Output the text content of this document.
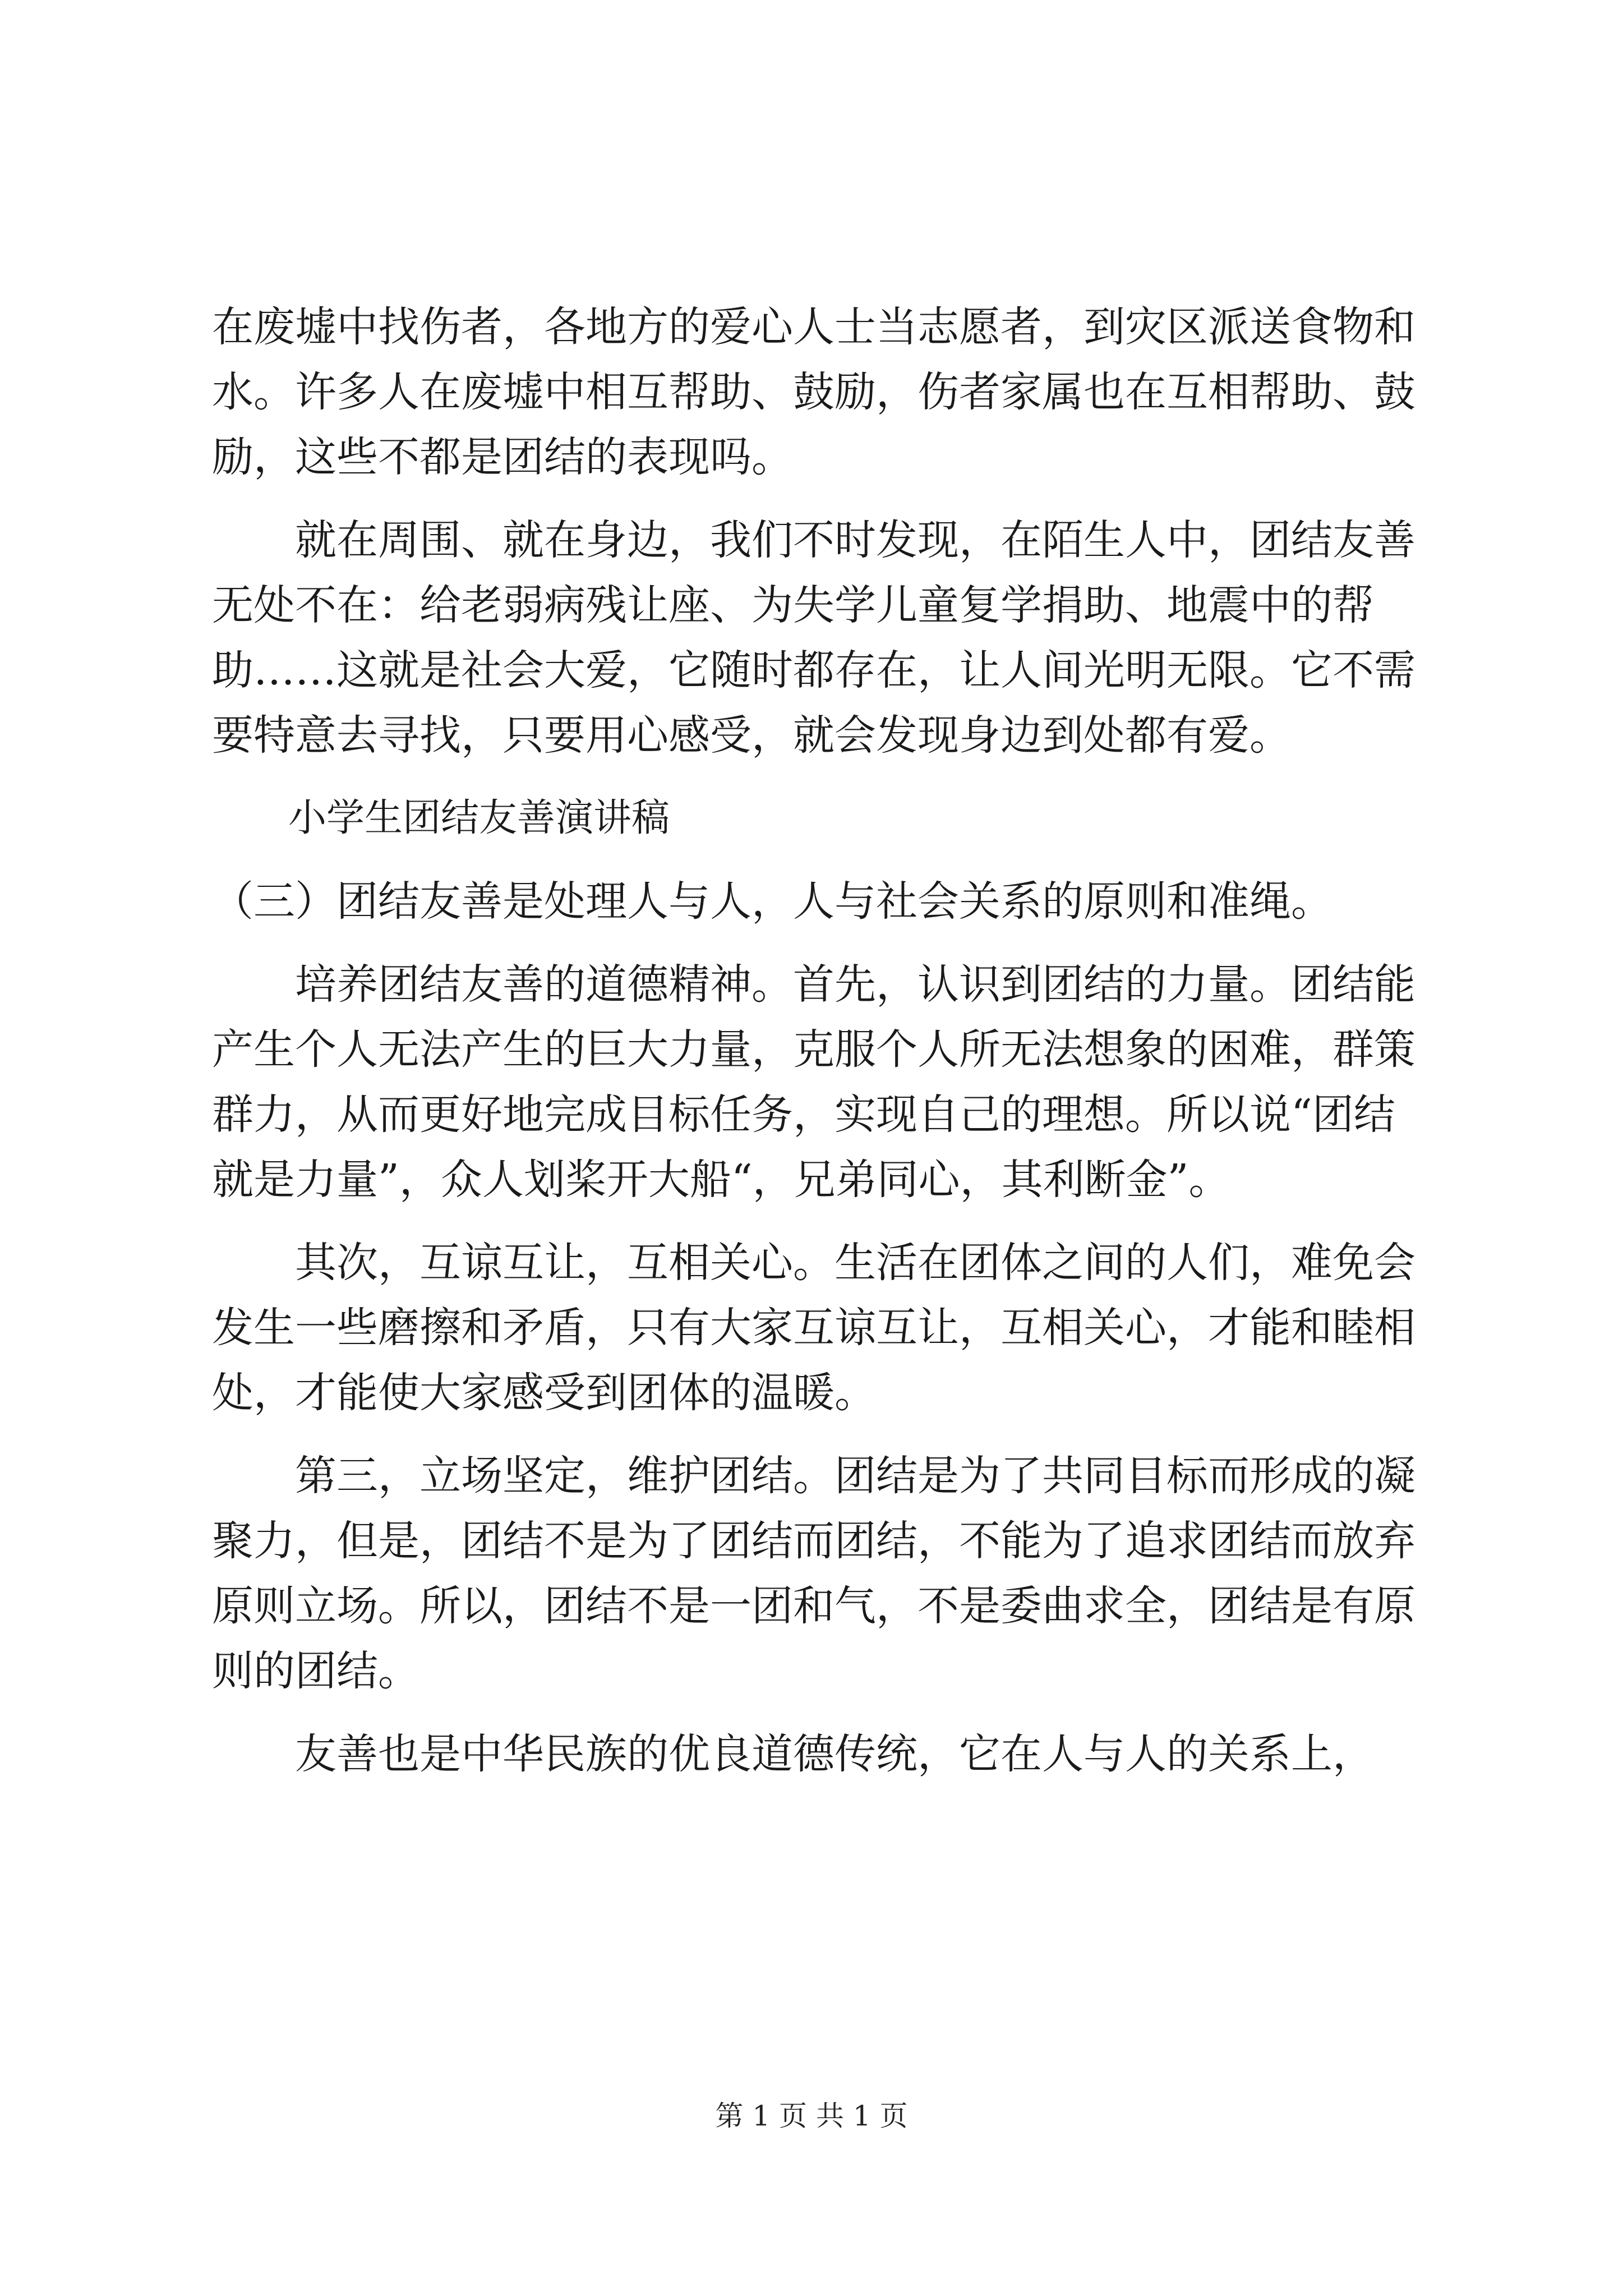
在废墟中找伤者，各地方的爱心人士当志愿者，到灾区派送食物和水。许多人在废墟中相互帮助、鼓励，伤者家属也在互相帮助、鼓励，这些不都是团结的表现吗。

就在周围、就在身边，我们不时发现，在陌生人中，团结友善无处不在：给老弱病残让座、为失学儿童复学捐助、地震中的帮助……这就是社会大爱，它随时都存在，让人间光明无限。它不需要特意去寻找，只要用心感受，就会发现身边到处都有爱。

小学生团结友善演讲稿

（三）团结友善是处理人与人，人与社会关系的原则和准绳。

培养团结友善的道德精神。首先，认识到团结的力量。团结能产生个人无法产生的巨大力量，克服个人所无法想象的困难，群策群力，从而更好地完成目标任务，实现自己的理想。所以说“团结就是力量”，众人划桨开大船“，兄弟同心，其利断金”。

其次，互谅互让，互相关心。生活在团体之间的人们，难免会发生一些磨擦和矛盾，只有大家互谅互让，互相关心，才能和睦相处，才能使大家感受到团体的温暖。

第三，立场坚定，维护团结。团结是为了共同目标而形成的凝聚力，但是，团结不是为了团结而团结，不能为了追求团结而放弃原则立场。所以，团结不是一团和气，不是委曲求全，团结是有原则的团结。

友善也是中华民族的优良道德传统，它在人与人的关系上，

第 1 页 共 1 页
